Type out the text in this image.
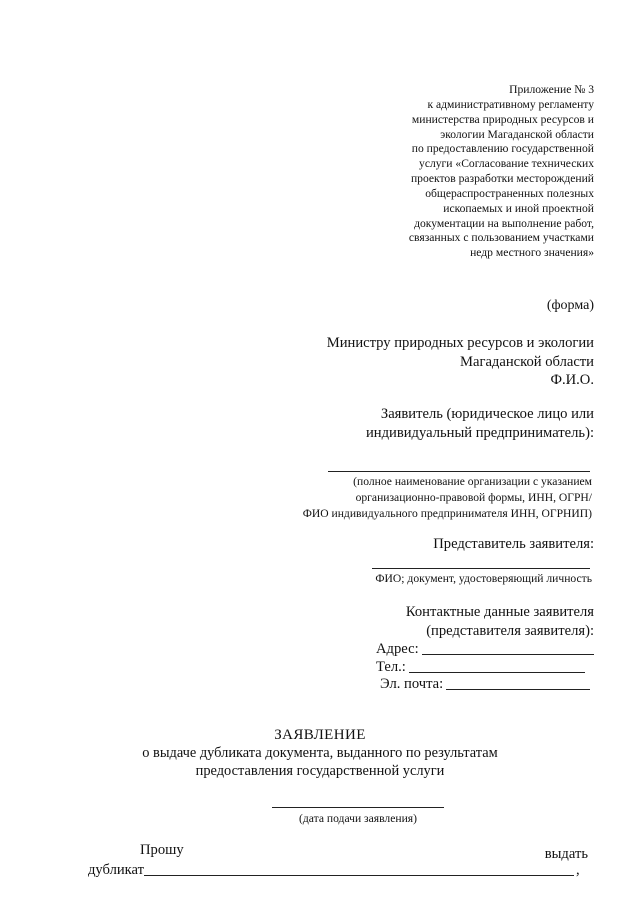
Приложение № 3
к административному регламенту
министерства природных ресурсов и
экологии Магаданской области
по предоставлению государственной
услуги «Согласование технических
проектов разработки месторождений
общераспространенных полезных
ископаемых и иной проектной
документации на выполнение работ,
связанных с пользованием участками
недр местного значения»
(форма)
Министру природных ресурсов и экологии
Магаданской области
Ф.И.О.
Заявитель (юридическое лицо или
индивидуальный предприниматель):
(полное наименование организации с указанием
организационно-правовой формы, ИНН, ОГРН/
ФИО индивидуального предпринимателя ИНН, ОГРНИП)
Представитель заявителя:
ФИО; документ, удостоверяющий личность
Контактные данные заявителя
(представителя заявителя):
Адрес:
Тел.:
Эл. почта:
ЗАЯВЛЕНИЕ
о выдаче дубликата документа, выданного по результатам
предоставления государственной услуги
(дата подачи заявления)
Прошу	выдать
дубликат	,
